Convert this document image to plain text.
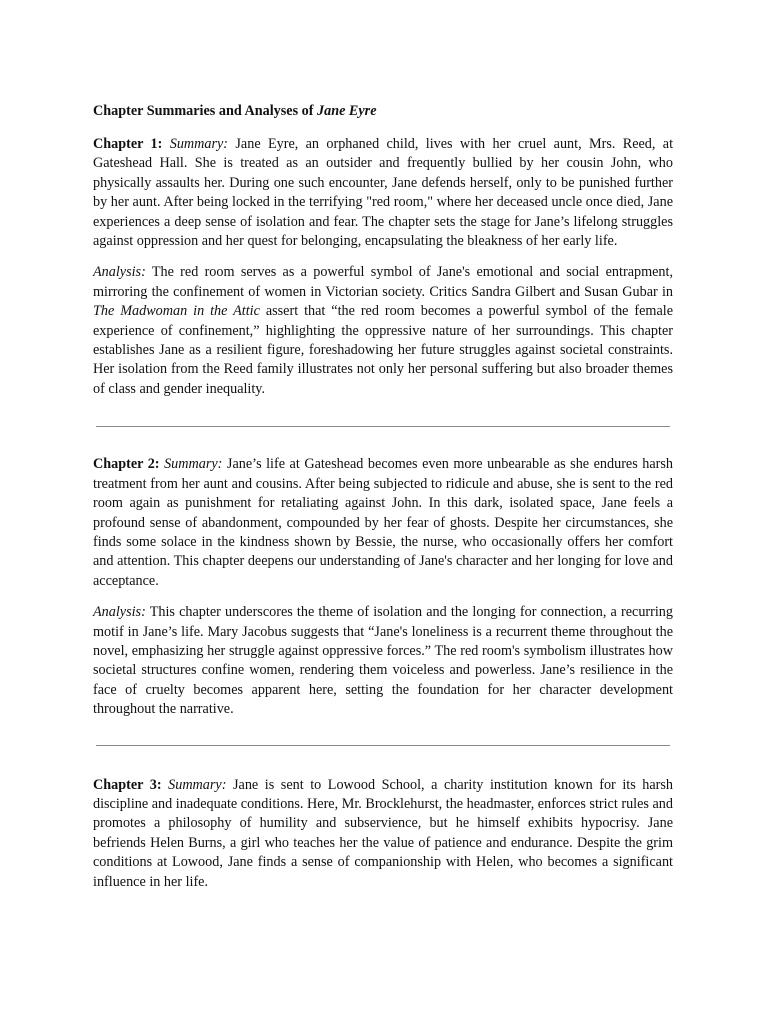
Chapter Summaries and Analyses of Jane Eyre

Chapter 1: Summary: Jane Eyre, an orphaned child, lives with her cruel aunt, Mrs. Reed, at Gateshead Hall. She is treated as an outsider and frequently bullied by her cousin John, who physically assaults her. During one such encounter, Jane defends herself, only to be punished further by her aunt. After being locked in the terrifying "red room," where her deceased uncle once died, Jane experiences a deep sense of isolation and fear. The chapter sets the stage for Jane’s lifelong struggles against oppression and her quest for belonging, encapsulating the bleakness of her early life.

Analysis: The red room serves as a powerful symbol of Jane's emotional and social entrapment, mirroring the confinement of women in Victorian society. Critics Sandra Gilbert and Susan Gubar in The Madwoman in the Attic assert that “the red room becomes a powerful symbol of the female experience of confinement,” highlighting the oppressive nature of her surroundings. This chapter establishes Jane as a resilient figure, foreshadowing her future struggles against societal constraints. Her isolation from the Reed family illustrates not only her personal suffering but also broader themes of class and gender inequality.

Chapter 2: Summary: Jane’s life at Gateshead becomes even more unbearable as she endures harsh treatment from her aunt and cousins. After being subjected to ridicule and abuse, she is sent to the red room again as punishment for retaliating against John. In this dark, isolated space, Jane feels a profound sense of abandonment, compounded by her fear of ghosts. Despite her circumstances, she finds some solace in the kindness shown by Bessie, the nurse, who occasionally offers her comfort and attention. This chapter deepens our understanding of Jane's character and her longing for love and acceptance.

Analysis: This chapter underscores the theme of isolation and the longing for connection, a recurring motif in Jane’s life. Mary Jacobus suggests that “Jane's loneliness is a recurrent theme throughout the novel, emphasizing her struggle against oppressive forces.” The red room's symbolism illustrates how societal structures confine women, rendering them voiceless and powerless. Jane’s resilience in the face of cruelty becomes apparent here, setting the foundation for her character development throughout the narrative.

Chapter 3: Summary: Jane is sent to Lowood School, a charity institution known for its harsh discipline and inadequate conditions. Here, Mr. Brocklehurst, the headmaster, enforces strict rules and promotes a philosophy of humility and subservience, but he himself exhibits hypocrisy. Jane befriends Helen Burns, a girl who teaches her the value of patience and endurance. Despite the grim conditions at Lowood, Jane finds a sense of companionship with Helen, who becomes a significant influence in her life.
